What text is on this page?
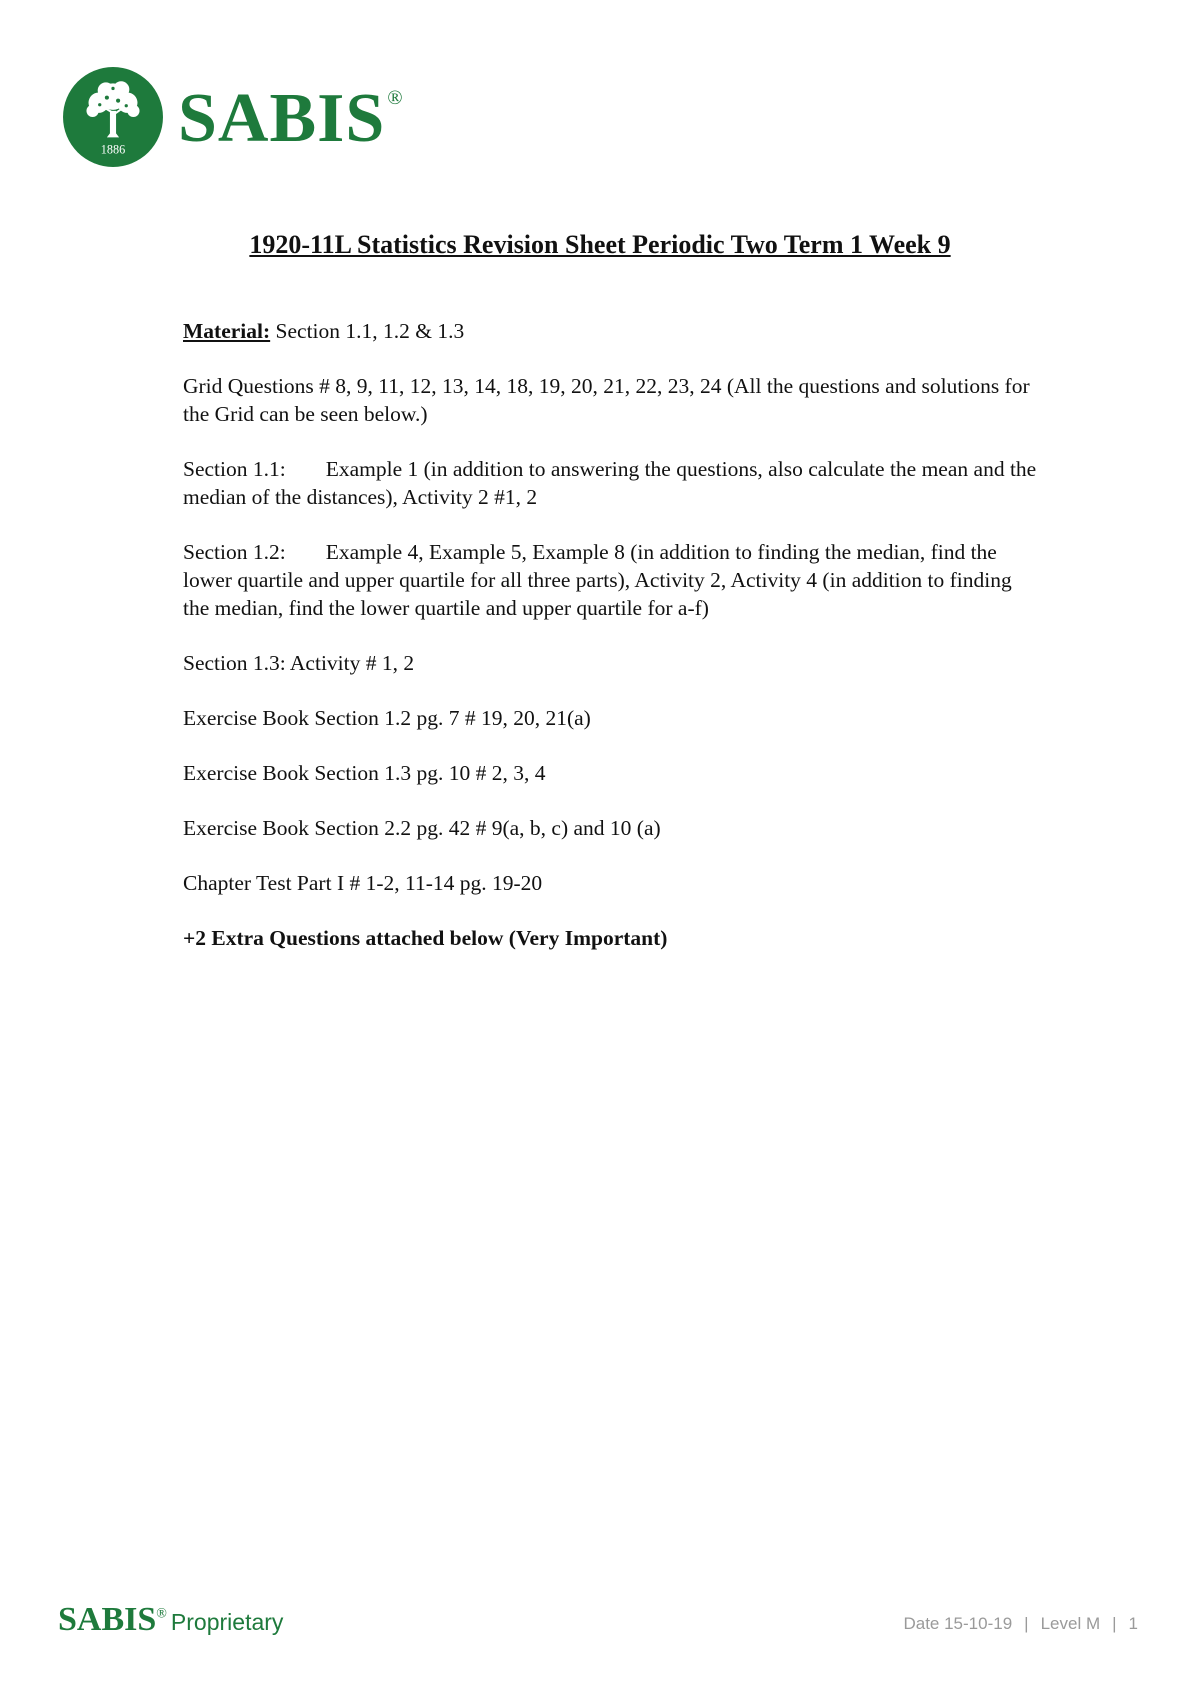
1886 SABIS ®
1920-11L Statistics Revision Sheet Periodic Two Term 1 Week 9

Material: Section 1.1, 1.2 & 1.3

Grid Questions # 8, 9, 11, 12, 13, 14, 18, 19, 20, 21, 22, 23, 24 (All the questions and solutions for the Grid can be seen below.)

Section 1.1: Example 1 (in addition to answering the questions, also calculate the mean and the median of the distances), Activity 2 #1, 2

Section 1.2: Example 4, Example 5, Example 8 (in addition to finding the median, find the lower quartile and upper quartile for all three parts), Activity 2, Activity 4 (in addition to finding the median, find the lower quartile and upper quartile for a-f)

Section 1.3: Activity # 1, 2

Exercise Book Section 1.2 pg. 7 # 19, 20, 21(a)

Exercise Book Section 1.3 pg. 10 # 2, 3, 4

Exercise Book Section 2.2 pg. 42 # 9(a, b, c) and 10 (a)

Chapter Test Part I # 1-2, 11-14 pg. 19-20

+2 Extra Questions attached below (Very Important)

SABIS® Proprietary	Date 15-10-19 | Level M | 1
